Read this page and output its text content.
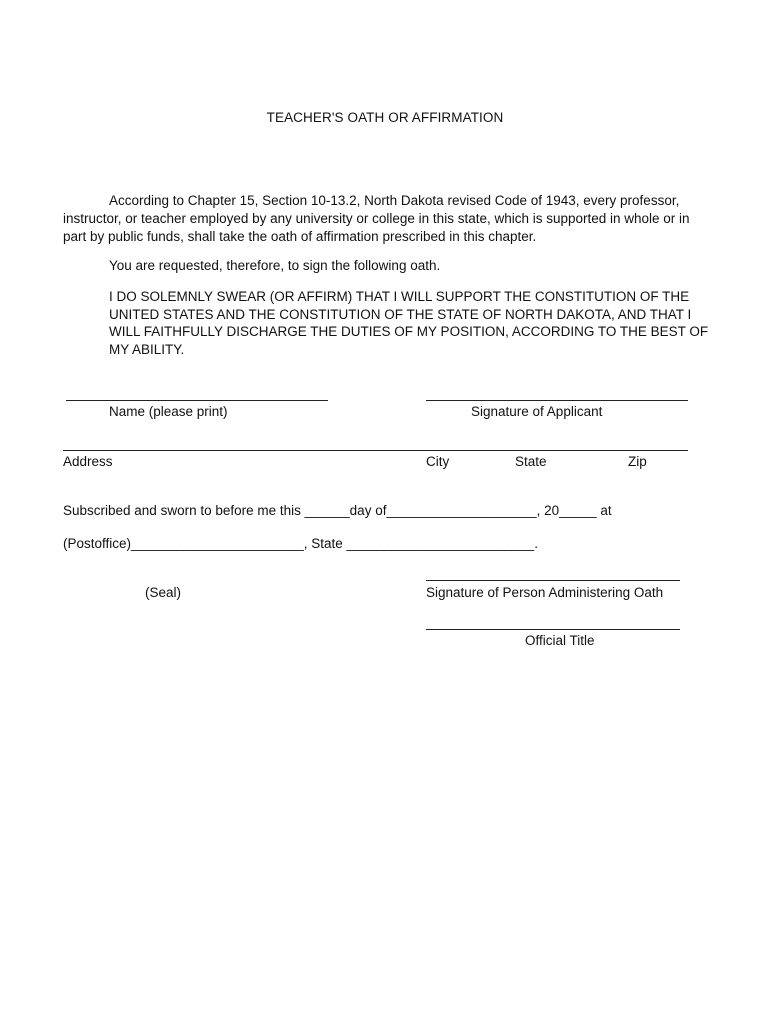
TEACHER'S OATH OR AFFIRMATION
According to Chapter 15, Section 10-13.2, North Dakota revised Code of 1943, every professor, instructor, or teacher employed by any university or college in this state, which is supported in whole or in part by public funds, shall take the oath of affirmation prescribed in this chapter.
You are requested, therefore, to sign the following oath.
I DO SOLEMNLY SWEAR (OR AFFIRM) THAT I WILL SUPPORT THE CONSTITUTION OF THE UNITED STATES AND THE CONSTITUTION OF THE STATE OF NORTH DAKOTA, AND THAT I WILL FAITHFULLY DISCHARGE THE DUTIES OF MY POSITION, ACCORDING TO THE BEST OF MY ABILITY.
Name (please print)	Signature of Applicant
Address	City	State	Zip
Subscribed and sworn to before me this ______day of____________________, 20_____ at
(Postoffice)_______________________, State _________________________.
(Seal)	Signature of Person Administering Oath
Official Title
